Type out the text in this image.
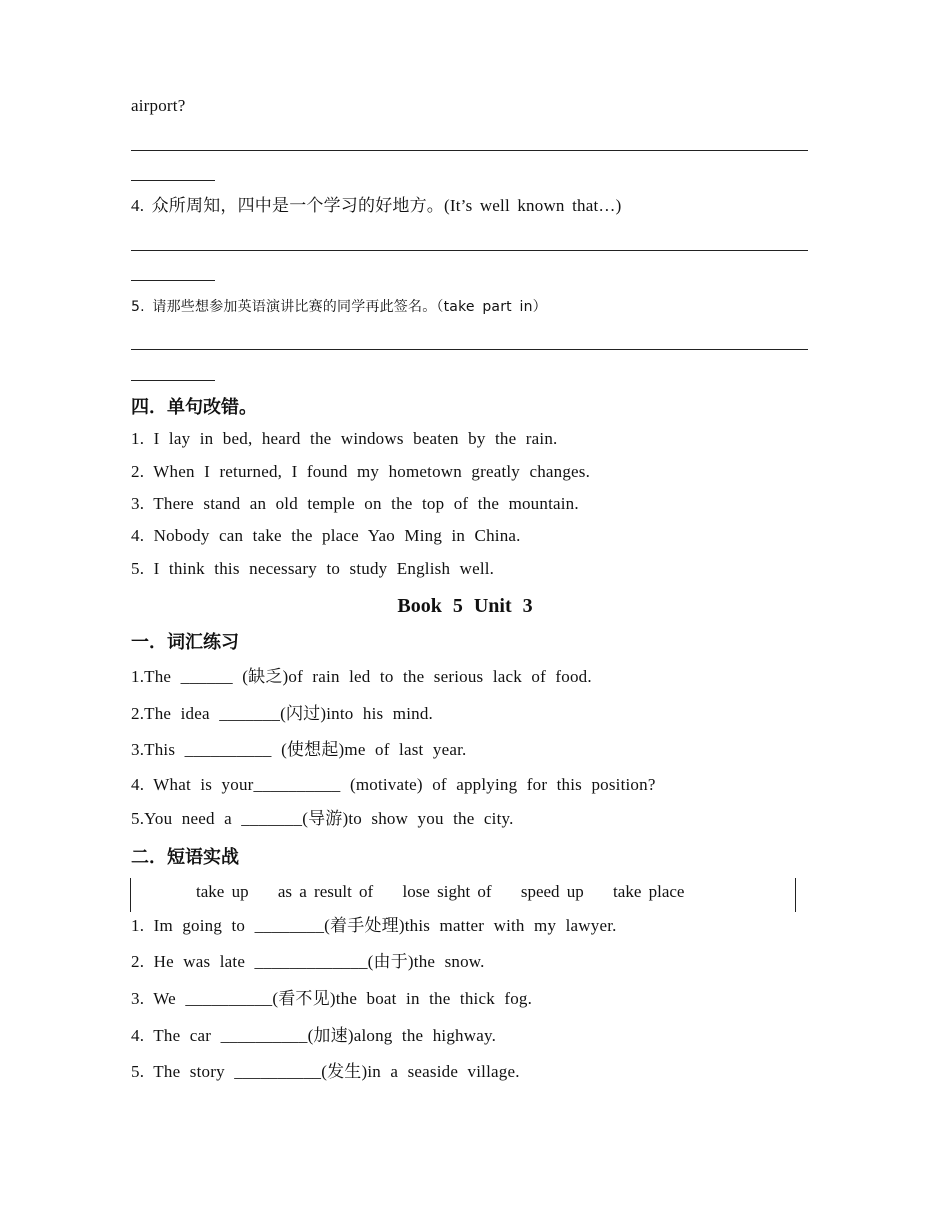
airport?
4. 众所周知，四中是一个学习的好地方。(It’s well known that…)
5. 请那些想参加英语演讲比赛的同学再此签名。（take part in）
四．单句改错。
1. I lay in bed, heard the windows beaten by the rain.
2. When I returned, I found my hometown greatly changes.
3. There stand an old temple on the top of the mountain.
4. Nobody can take the place Yao Ming in China.
5. I think this necessary to study English well.
Book 5 Unit 3
一．词汇练习
1.The ______ (缺乏)of rain led to the serious lack of food.
2.The idea _______(闪过)into his mind.
3.This __________ (使想起)me of last year.
4. What is your__________ (motivate) of applying for this position?
5.You need a _______(导游)to show you the city.
二．短语实战
take up as a result of lose sight of speed up take place
1. Im going to ________(着手处理)this matter with my lawyer.
2. He was late _____________(由于)the snow.
3. We __________(看不见)the boat in the thick fog.
4. The car __________(加速)along the highway.
5. The story __________(发生)in a seaside village.
